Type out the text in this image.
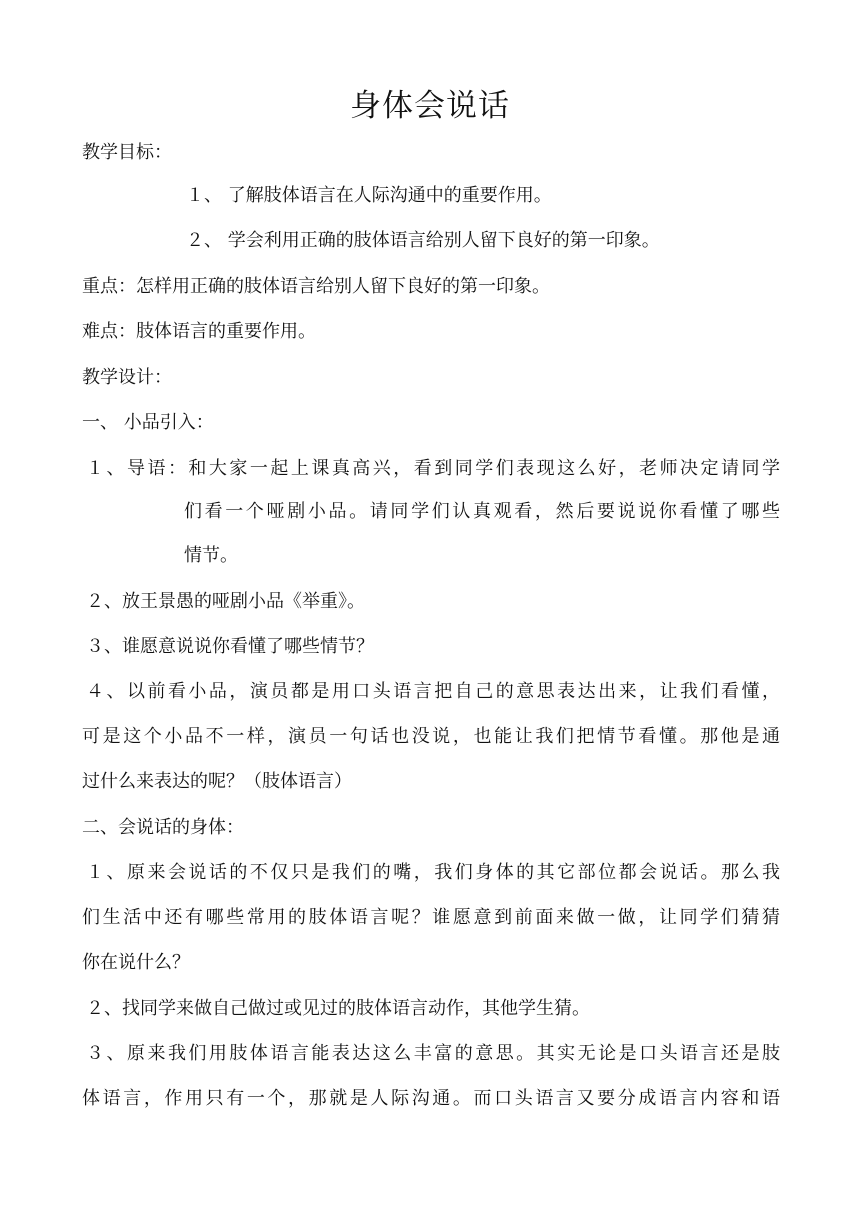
身体会说话
教学目标：
１、 了解肢体语言在人际沟通中的重要作用。
２、 学会利用正确的肢体语言给别人留下良好的第一印象。
重点：怎样用正确的肢体语言给别人留下良好的第一印象。
难点：肢体语言的重要作用。
教学设计：
一、 小品引入：
１、导语：和大家一起上课真高兴，看到同学们表现这么好，老师决定请同学
们看一个哑剧小品。请同学们认真观看，然后要说说你看懂了哪些
情节。
２、放王景愚的哑剧小品《举重》。
３、谁愿意说说你看懂了哪些情节？
４、以前看小品，演员都是用口头语言把自己的意思表达出来，让我们看懂，
可是这个小品不一样，演员一句话也没说，也能让我们把情节看懂。那他是通
过什么来表达的呢？（肢体语言）
二、会说话的身体：
１、原来会说话的不仅只是我们的嘴，我们身体的其它部位都会说话。那么我
们生活中还有哪些常用的肢体语言呢？谁愿意到前面来做一做，让同学们猜猜
你在说什么？
２、找同学来做自己做过或见过的肢体语言动作，其他学生猜。
３、原来我们用肢体语言能表达这么丰富的意思。其实无论是口头语言还是肢
体语言，作用只有一个，那就是人际沟通。而口头语言又要分成语言内容和语
